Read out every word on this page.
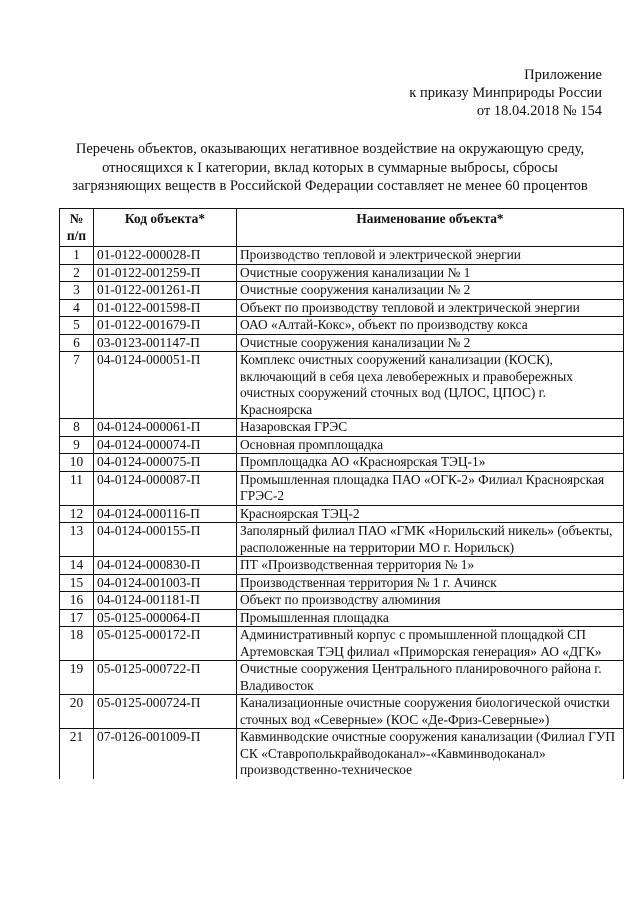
Приложение
к приказу Минприроды России
от 18.04.2018 № 154
Перечень объектов, оказывающих негативное воздействие на окружающую среду,
относящихся к I категории, вклад которых в суммарные выбросы, сбросы
загрязняющих веществ в Российской Федерации составляет не менее 60 процентов
№ п/п	Код объекта*	Наименование объекта*
1	01-0122-000028-П	Производство тепловой и электрической энергии
2	01-0122-001259-П	Очистные сооружения канализации № 1
3	01-0122-001261-П	Очистные сооружения канализации № 2
4	01-0122-001598-П	Объект по производству тепловой и электрической энергии
5	01-0122-001679-П	ОАО «Алтай-Кокс», объект по производству кокса
6	03-0123-001147-П	Очистные сооружения канализации № 2
7	04-0124-000051-П	Комплекс очистных сооружений канализации (КОСК), включающий в себя цеха левобережных и правобережных очистных сооружений сточных вод (ЦЛОС, ЦПОС) г. Красноярска
8	04-0124-000061-П	Назаровская ГРЭС
9	04-0124-000074-П	Основная промплощадка
10	04-0124-000075-П	Промплощадка АО «Красноярская ТЭЦ-1»
11	04-0124-000087-П	Промышленная площадка ПАО «ОГК-2» Филиал Красноярская ГРЭС-2
12	04-0124-000116-П	Красноярская ТЭЦ-2
13	04-0124-000155-П	Заполярный филиал ПАО «ГМК «Норильский никель» (объекты, расположенные на территории МО г. Норильск)
14	04-0124-000830-П	ПТ «Производственная территория № 1»
15	04-0124-001003-П	Производственная территория № 1 г. Ачинск
16	04-0124-001181-П	Объект по производству алюминия
17	05-0125-000064-П	Промышленная площадка
18	05-0125-000172-П	Административный корпус с промышленной площадкой СП Артемовская ТЭЦ филиал «Приморская генерация» АО «ДГК»
19	05-0125-000722-П	Очистные сооружения Центрального планировочного района г. Владивосток
20	05-0125-000724-П	Канализационные очистные сооружения биологической очистки сточных вод «Северные» (КОС «Де-Фриз-Северные»)
21	07-0126-001009-П	Кавминводские очистные сооружения канализации (Филиал ГУП СК «Ставрополькрайводоканал»-«Кавминводоканал» производственно-техническое
